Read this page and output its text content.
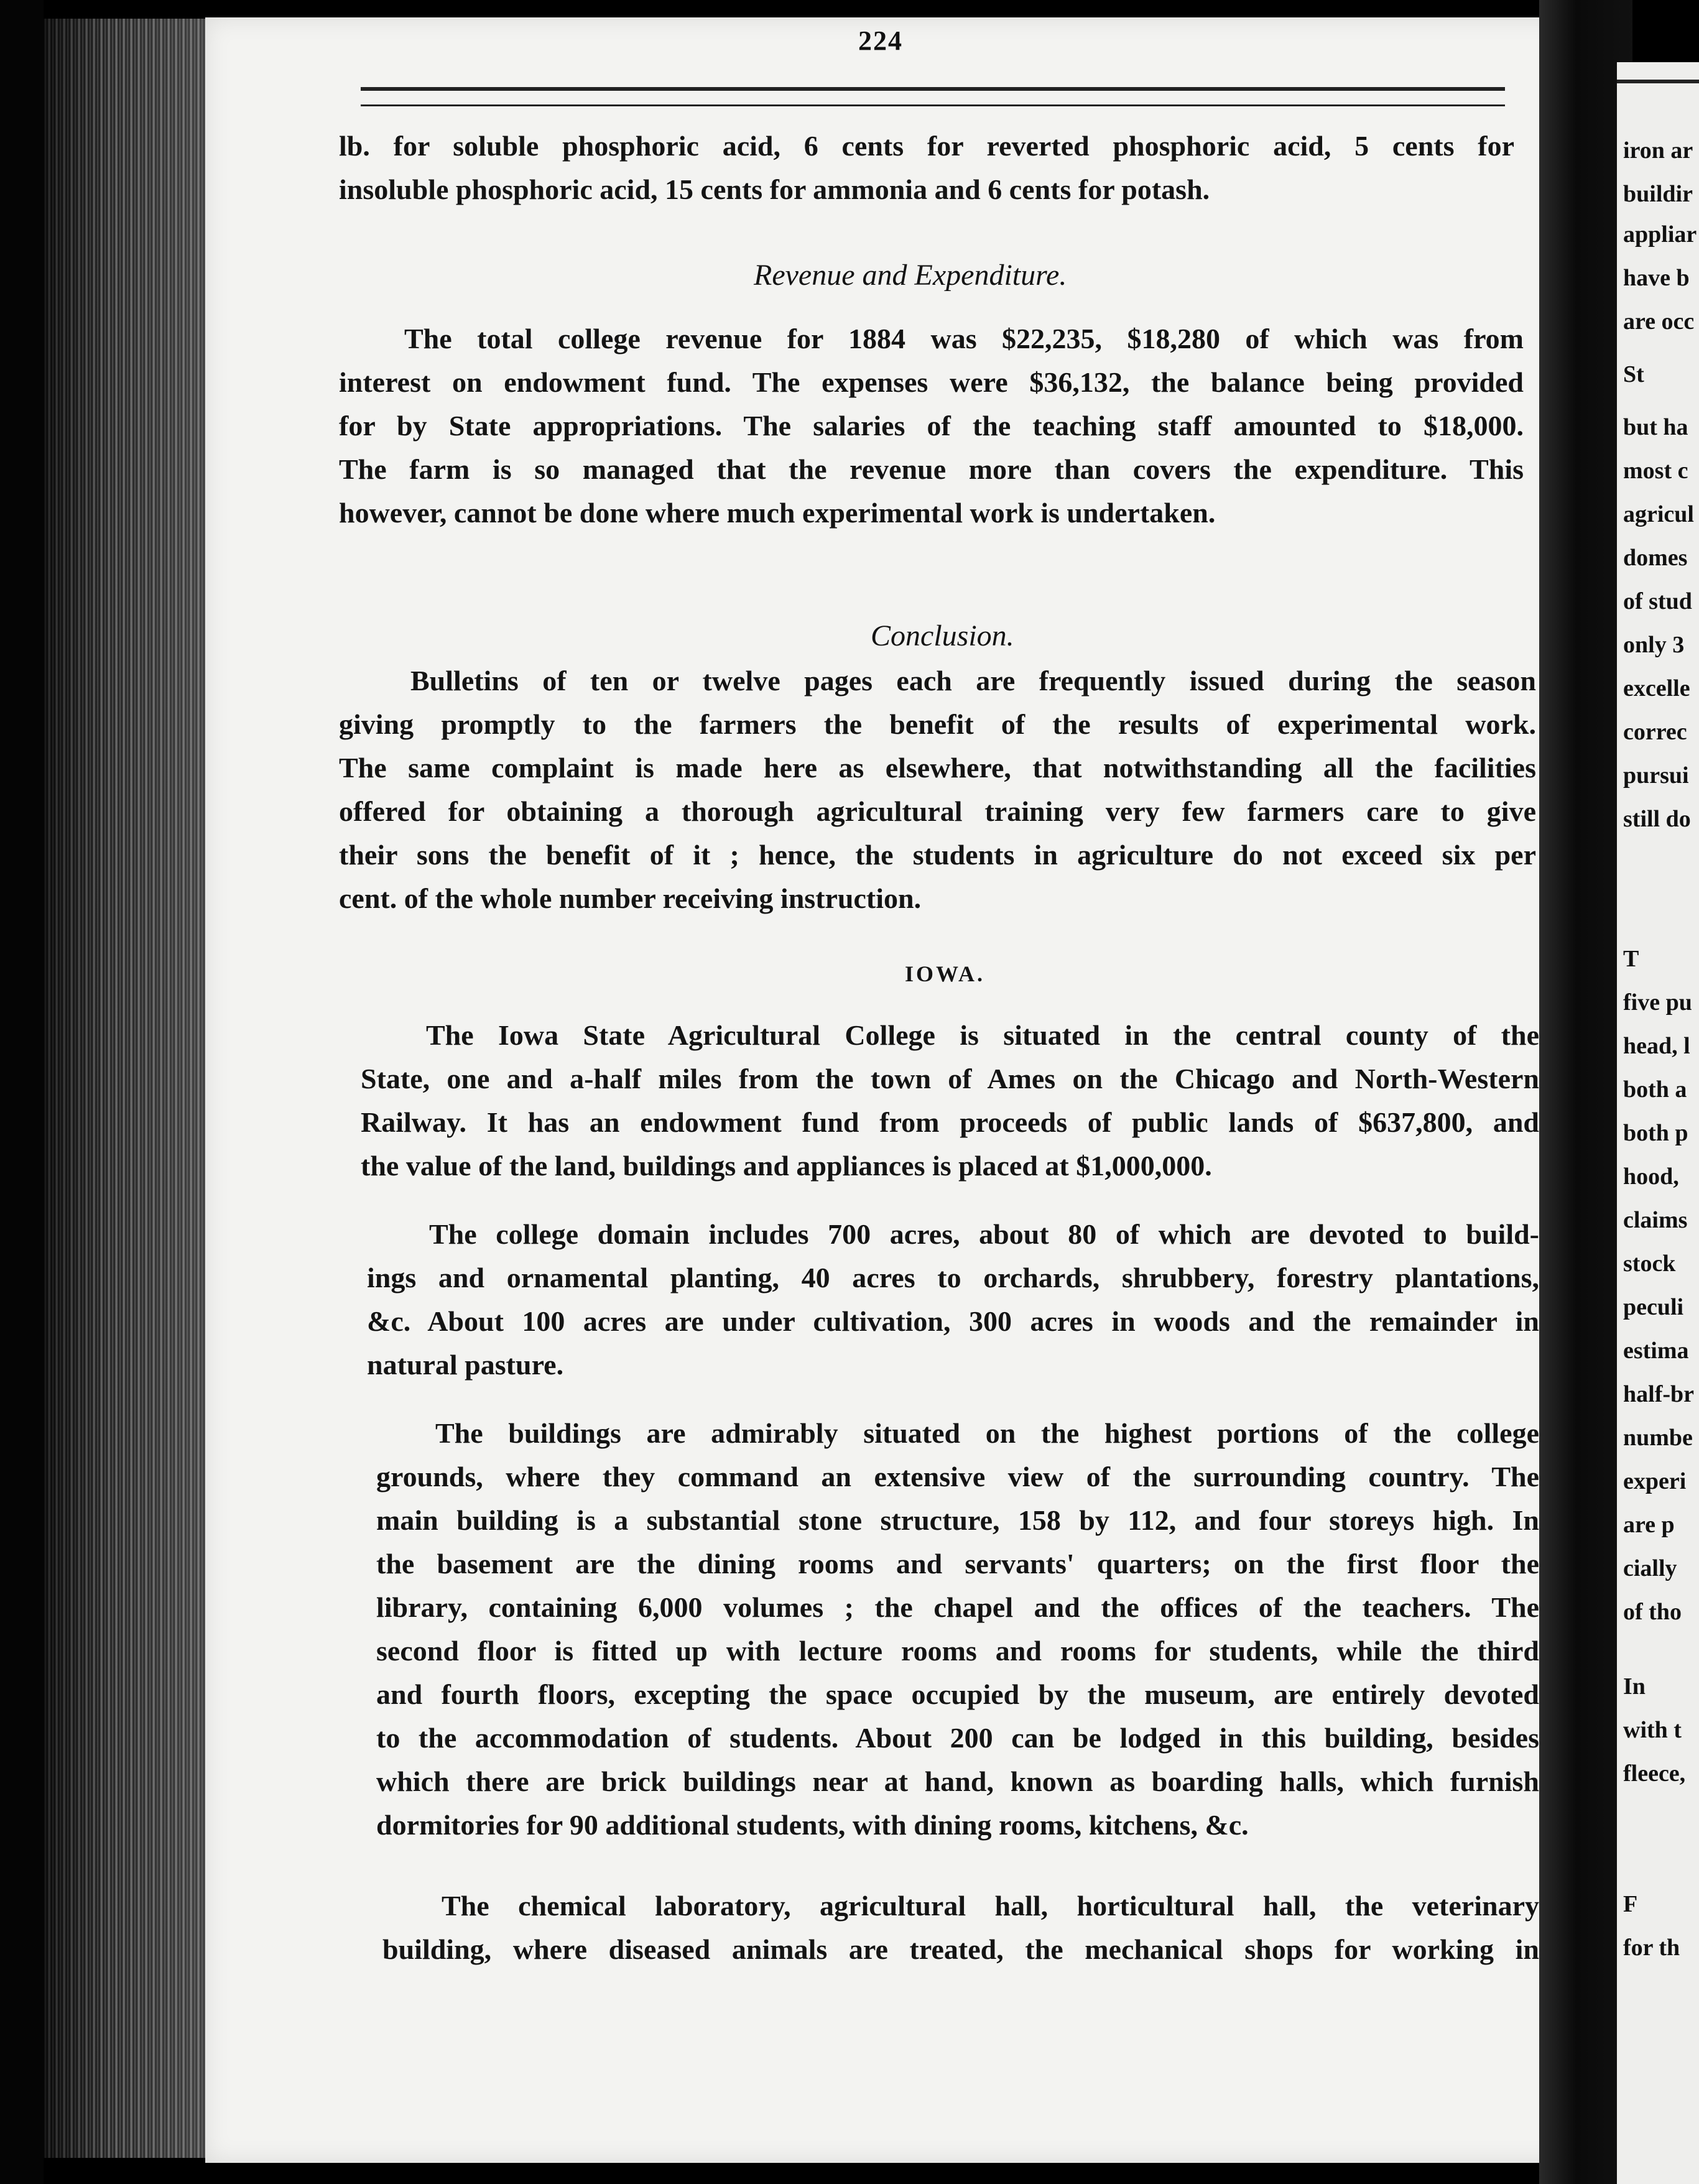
iron ar
buildir
appliar
have b
are occ
St
but ha
most c
agricul
domes
of stud
only 3
excelle
correc
pursui
still do
T
five pu
head, l
both a
both p
hood,
claims
stock
peculi
estima
half-br
numbe
experi
are p
cially
of tho
In
with t
fleece,
F
for th
224
lb. for soluble phosphoric acid, 6 cents for reverted phosphoric acid, 5 cents for
insoluble phosphoric acid, 15 cents for ammonia and 6 cents for potash.
Revenue and Expenditure.
The total college revenue for 1884 was $22,235, $18,280 of which was from
interest on endowment fund. The expenses were $36,132, the balance being provided
for by State appropriations. The salaries of the teaching staff amounted to $18,000.
The farm is so managed that the revenue more than covers the expenditure. This
however, cannot be done where much experimental work is undertaken.
Conclusion.
Bulletins of ten or twelve pages each are frequently issued during the season
giving promptly to the farmers the benefit of the results of experimental work.
The same complaint is made here as elsewhere, that notwithstanding all the facilities
offered for obtaining a thorough agricultural training very few farmers care to give
their sons the benefit of it ; hence, the students in agriculture do not exceed six per
cent. of the whole number receiving instruction.
IOWA.
The Iowa State Agricultural College is situated in the central county of the
State, one and a-half miles from the town of Ames on the Chicago and North-Western
Railway. It has an endowment fund from proceeds of public lands of $637,800, and
the value of the land, buildings and appliances is placed at $1,000,000.
The college domain includes 700 acres, about 80 of which are devoted to build-
ings and ornamental planting, 40 acres to orchards, shrubbery, forestry plantations,
&c. About 100 acres are under cultivation, 300 acres in woods and the remainder in
natural pasture.
The buildings are admirably situated on the highest portions of the college
grounds, where they command an extensive view of the surrounding country. The
main building is a substantial stone structure, 158 by 112, and four storeys high. In
the basement are the dining rooms and servants' quarters; on the first floor the
library, containing 6,000 volumes ; the chapel and the offices of the teachers. The
second floor is fitted up with lecture rooms and rooms for students, while the third
and fourth floors, excepting the space occupied by the museum, are entirely devoted
to the accommodation of students. About 200 can be lodged in this building, besides
which there are brick buildings near at hand, known as boarding halls, which furnish
dormitories for 90 additional students, with dining rooms, kitchens, &c.
The chemical laboratory, agricultural hall, horticultural hall, the veterinary
building, where diseased animals are treated, the mechanical shops for working in
